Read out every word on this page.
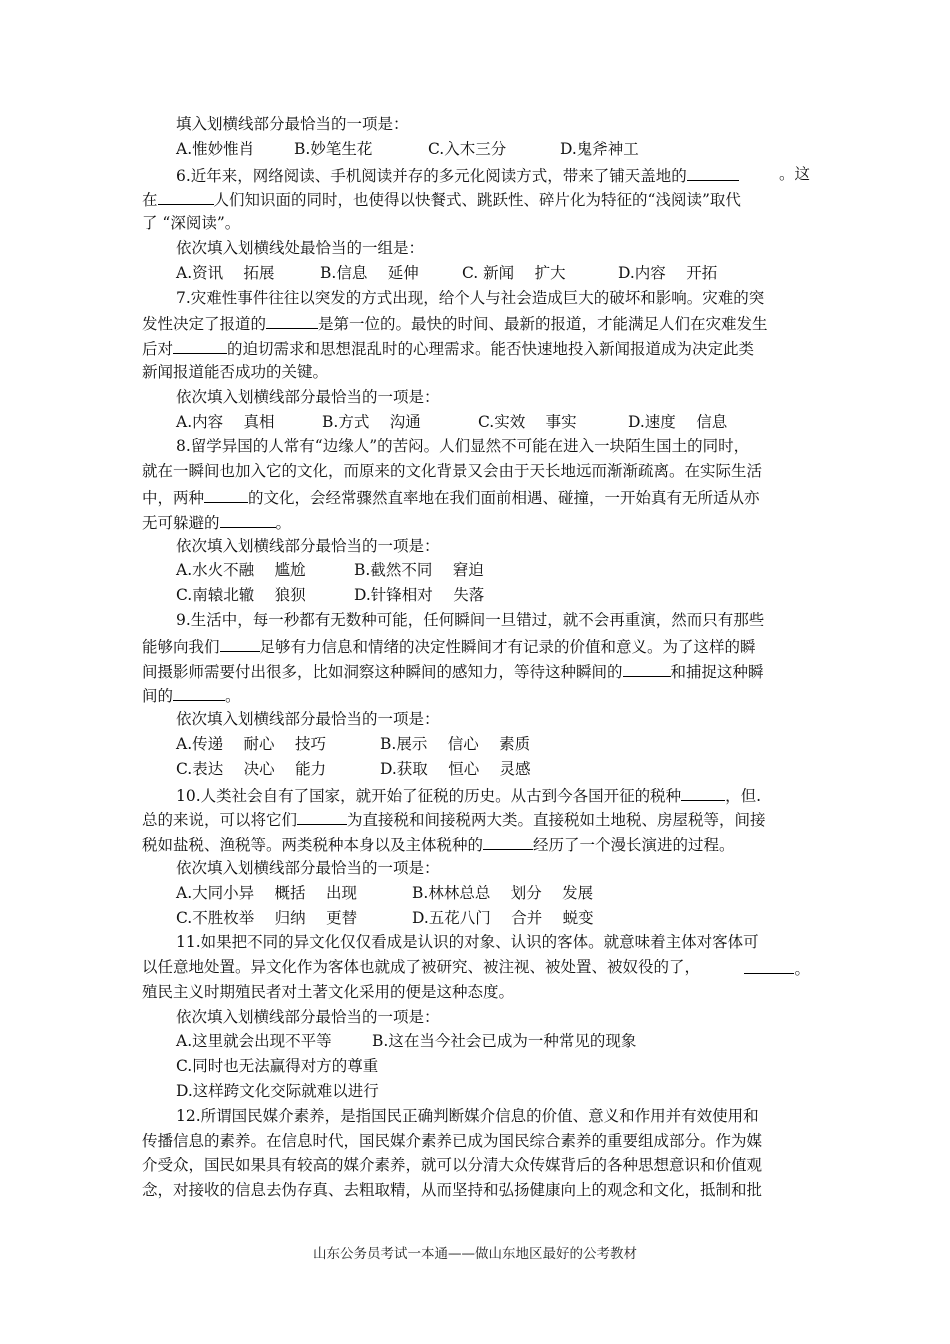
填入划横线部分最恰当的一项是：
A.惟妙惟肖	B.妙笔生花	C.入木三分	D.鬼斧神工
6.近年来，网络阅读、手机阅读并存的多元化阅读方式，带来了铺天盖地的	。这
在	人们知识面的同时，也使得以快餐式、跳跃性、碎片化为特征的“浅阅读”取代
了 “深阅读”。
依次填入划横线处最恰当的一组是：
A.资讯　 拓展	B.信息　 延伸	C. 新闻　 扩大	D.内容　 开拓
7.灾难性事件往往以突发的方式出现，给个人与社会造成巨大的破坏和影响。灾难的突
发性决定了报道的	是第一位的。最快的时间、最新的报道，才能满足人们在灾难发生
后对	的迫切需求和思想混乱时的心理需求。能否快速地投入新闻报道成为决定此类
新闻报道能否成功的关键。
依次填入划横线部分最恰当的一项是：
A.内容　 真相	B.方式　 沟通	C.实效　 事实	D.速度　 信息
8.留学异国的人常有“边缘人”的苦闷。人们显然不可能在进入一块陌生国土的同时，
就在一瞬间也加入它的文化，而原来的文化背景又会由于天长地远而渐渐疏离。在实际生活
中，两种	的文化，会经常骤然直率地在我们面前相遇、碰撞，一开始真有无所适从亦
无可躲避的	。
依次填入划横线部分最恰当的一项是：
A.水火不融　 尴尬	B.截然不同　 窘迫
C.南辕北辙　 狼狈	D.针锋相对　 失落
9.生活中，每一秒都有无数种可能，任何瞬间一旦错过，就不会再重演，然而只有那些
能够向我们	足够有力信息和情绪的决定性瞬间才有记录的价值和意义。为了这样的瞬
间摄影师需要付出很多，比如洞察这种瞬间的感知力，等待这种瞬间的	和捕捉这种瞬
间的	。
依次填入划横线部分最恰当的一项是：
A.传递　 耐心　 技巧	B.展示　 信心　 素质
C.表达　 决心　 能力	D.获取　 恒心　 灵感
10.人类社会自有了国家，就开始了征税的历史。从古到今各国开征的税种	，但.
总的来说，可以将它们	为直接税和间接税两大类。直接税如土地税、房屋税等，间接
税如盐税、渔税等。两类税种本身以及主体税种的	经历了一个漫长演进的过程。
依次填入划横线部分最恰当的一项是：
A.大同小异　 概括　 出现	B.林林总总　 划分　 发展
C.不胜枚举　 归纳　 更替	D.五花八门　 合并　 蜕变
11.如果把不同的异文化仅仅看成是认识的对象、认识的客体。就意味着主体对客体可
以任意地处置。异文化作为客体也就成了被研究、被注视、被处置、被奴役的了，	。
殖民主义时期殖民者对土著文化采用的便是这种态度。
依次填入划横线部分最恰当的一项是：
A.这里就会出现不平等	B.这在当今社会已成为一种常见的现象
C.同时也无法赢得对方的尊重
D.这样跨文化交际就难以进行
12.所谓国民媒介素养，是指国民正确判断媒介信息的价值、意义和作用并有效使用和
传播信息的素养。在信息时代，国民媒介素养已成为国民综合素养的重要组成部分。作为媒
介受众，国民如果具有较高的媒介素养，就可以分清大众传媒背后的各种思想意识和价值观
念，对接收的信息去伪存真、去粗取精，从而坚持和弘扬健康向上的观念和文化，抵制和批
山东公务员考试一本通——做山东地区最好的公考教材
